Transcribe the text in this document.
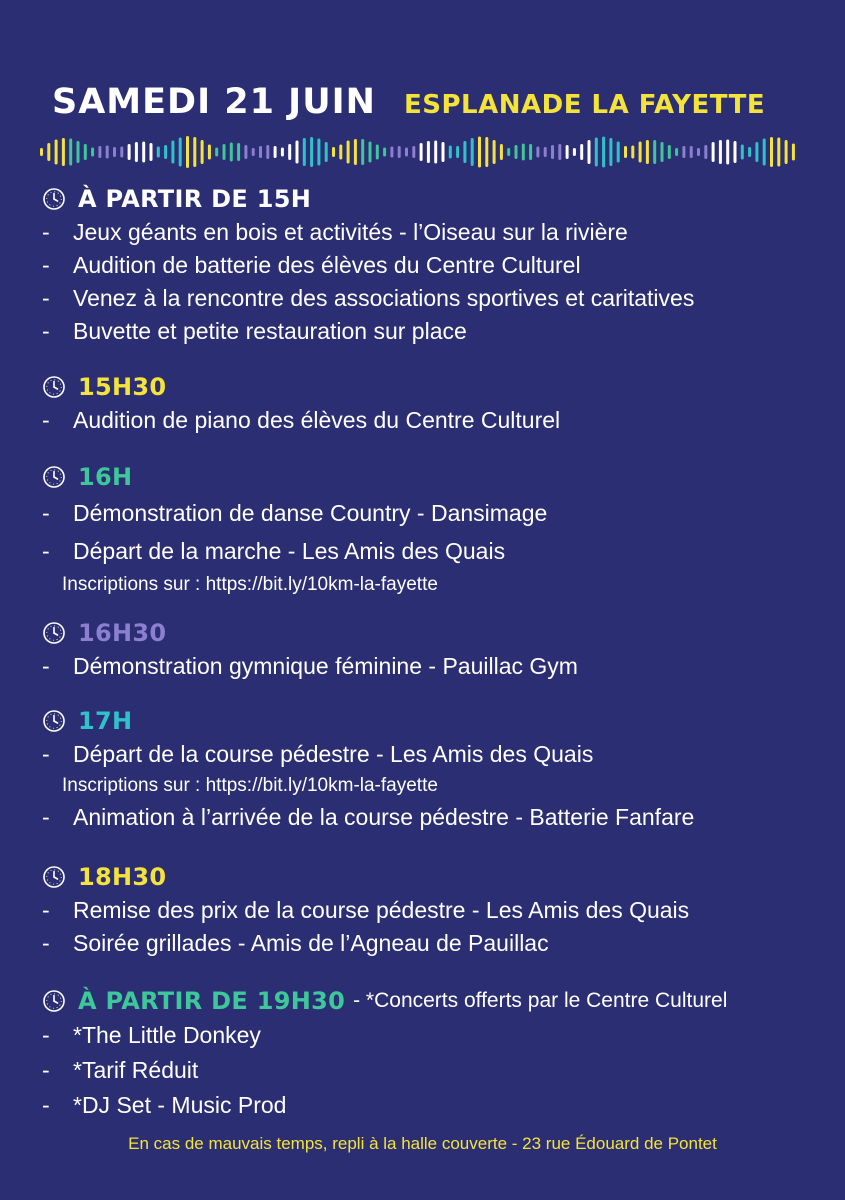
SAMEDI 21 JUIN ESPLANADE LA FAYETTE
À PARTIR DE 15H
-	Jeux géants en bois et activités - l’Oiseau sur la rivière
-	Audition de batterie des élèves du Centre Culturel
-	Venez à la rencontre des associations sportives et caritatives
-	Buvette et petite restauration sur place
15H30
-	Audition de piano des élèves du Centre Culturel
16H
-	Démonstration de danse Country - Dansimage
-	Départ de la marche - Les Amis des Quais
Inscriptions sur : https://bit.ly/10km-la-fayette
16H30
-	Démonstration gymnique féminine - Pauillac Gym
17H
-	Départ de la course pédestre - Les Amis des Quais
Inscriptions sur : https://bit.ly/10km-la-fayette
-	Animation à l’arrivée de la course pédestre - Batterie Fanfare
18H30
-	Remise des prix de la course pédestre - Les Amis des Quais
-	Soirée grillades - Amis de l’Agneau de Pauillac
À PARTIR DE 19H30 - *Concerts offerts par le Centre Culturel
-	*The Little Donkey
-	*Tarif Réduit
-	*DJ Set - Music Prod
En cas de mauvais temps, repli à la halle couverte - 23 rue Édouard de Pontet
